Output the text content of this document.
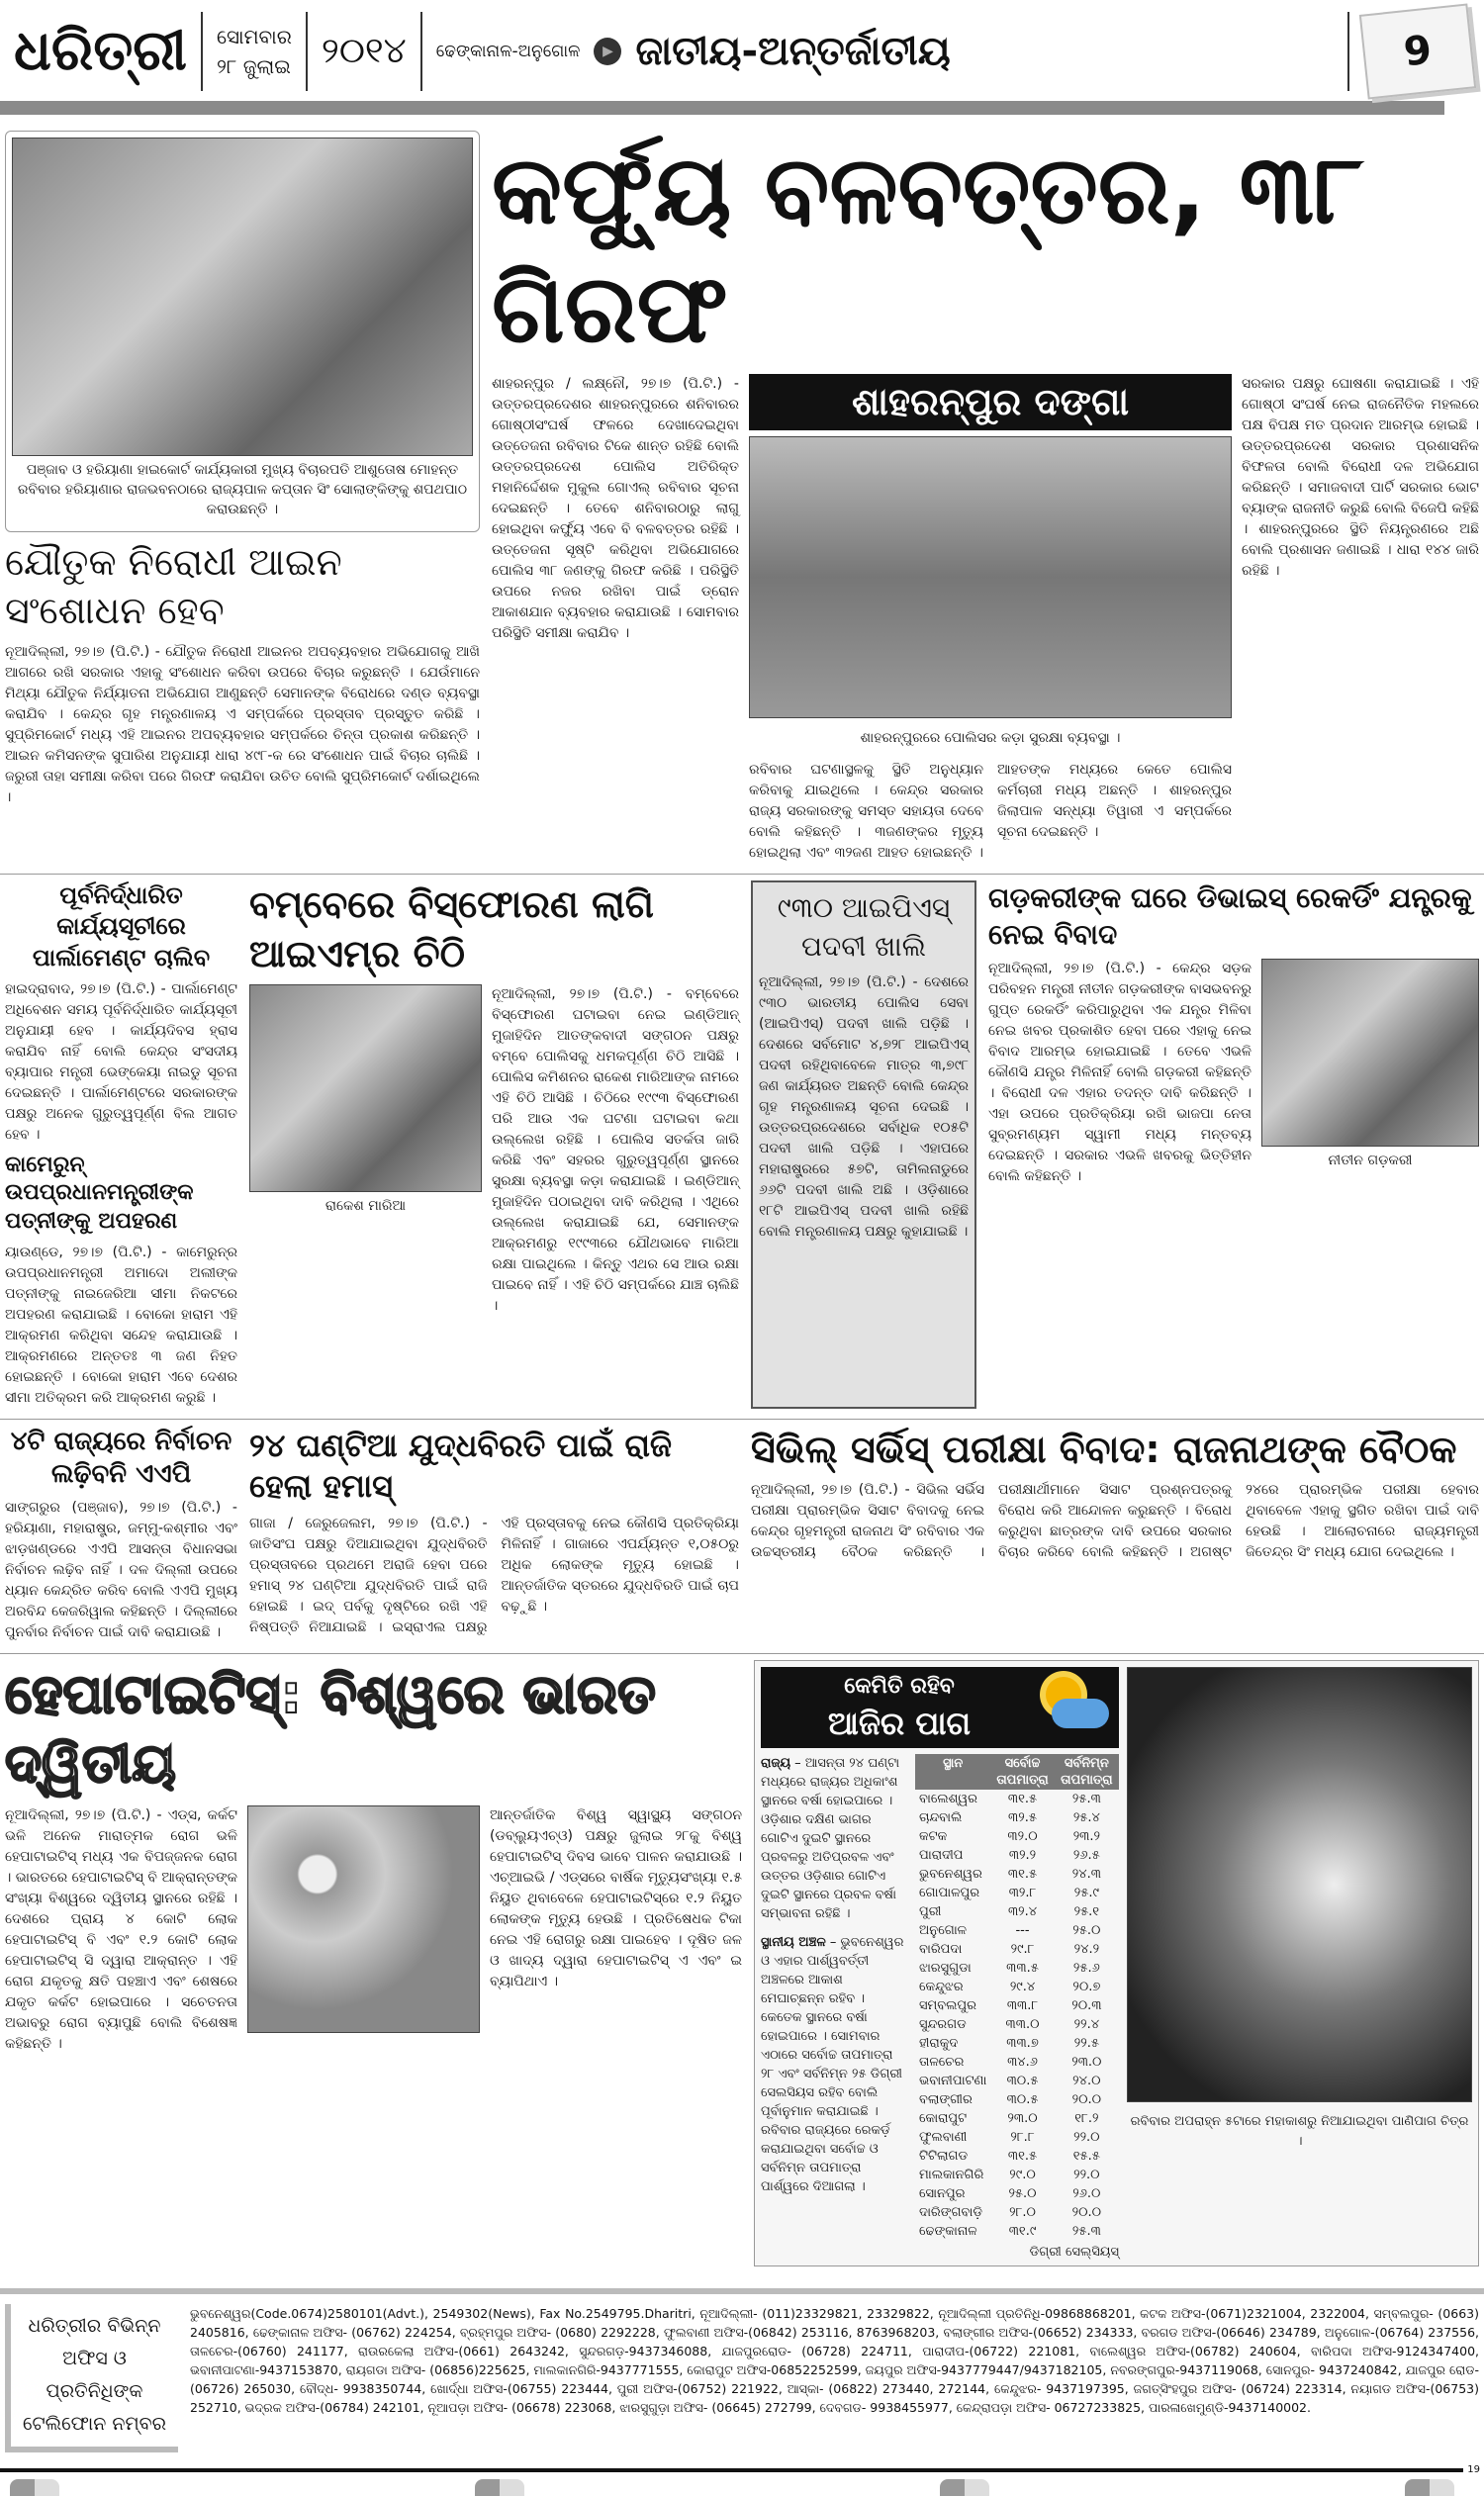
ଧରିତ୍ରୀ ସୋମବାର
୨୮ ଜୁଲାଇ ୨୦୧୪ ଢେଙ୍କାନାଳ-ଅନୁଗୋଳ	▶ ଜାତୀୟ-ଅନ୍ତର୍ଜାତୀୟ	9
ପଞ୍ଜାବ ଓ ହରିୟାଣା ହାଇକୋର୍ଟ କାର୍ଯ୍ୟକାରୀ ମୁଖ୍ୟ ବିଚାରପତି ଆଶୁତୋଷ ମୋହନ୍ତ ରବିବାର ହରିୟାଣାର ରାଜଭବନଠାରେ ରାଜ୍ୟପାଳ କପ୍ତାନ ସିଂ ସୋଲାଙ୍କିଙ୍କୁ ଶପଥପାଠ କରାଉଛନ୍ତି ।
ଯୌତୁକ ନିରୋଧୀ ଆଇନ ସଂଶୋଧନ ହେବ
ନୂଆଦିଲ୍ଲୀ, ୨୭।୭ (ପି.ଟି.) - ଯୌତୁକ ନିରୋଧୀ ଆଇନର ଅପବ୍ୟବହାର ଅଭିଯୋଗକୁ ଆଖି ଆଗରେ ରଖି ସରକାର ଏହାକୁ ସଂଶୋଧନ କରିବା ଉପରେ ବିଚାର କରୁଛନ୍ତି । ଯେଉଁମାନେ ମିଥ୍ୟା ଯୌତୁକ ନିର୍ଯ୍ୟାତନା ଅଭିଯୋଗ ଆଣୁଛନ୍ତି ସେମାନଙ୍କ ବିରୋଧରେ ଦଣ୍ଡ ବ୍ୟବସ୍ଥା କରାଯିବ । କେନ୍ଦ୍ର ଗୃହ ମନ୍ତ୍ରଣାଳୟ ଏ ସମ୍ପର୍କରେ ପ୍ରସ୍ତାବ ପ୍ରସ୍ତୁତ କରିଛି । ସୁପ୍ରିମକୋର୍ଟ ମଧ୍ୟ ଏହି ଆଇନର ଅପବ୍ୟବହାର ସମ୍ପର୍କରେ ଚିନ୍ତା ପ୍ରକାଶ କରିଛନ୍ତି । ଆଇନ କମିସନଙ୍କ ସୁପାରିଶ ଅନୁଯାୟୀ ଧାରା ୪୯୮-କ ରେ ସଂଶୋଧନ ପାଇଁ ବିଚାର ଚାଲିଛି । ଜରୁରୀ ତାହା ସମୀକ୍ଷା କରିବା ପରେ ଗିରଫ କରାଯିବା ଉଚିତ ବୋଲି ସୁପ୍ରିମକୋର୍ଟ ଦର୍ଶାଇଥିଲେ ।
କର୍ଫ୍ୟୁ ବଳବତ୍ତର, ୩୮ ଗିରଫ
ଶାହରନ୍‌ପୁର / ଲକ୍ଷ୍ନୌ, ୨୭।୭ (ପି.ଟି.) - ଉତ୍ତରପ୍ରଦେଶର ଶାହରନ୍‌ପୁରରେ ଶନିବାରର ଗୋଷ୍ଠୀସଂଘର୍ଷ ଫଳରେ ଦେଖାଦେଇଥିବା ଉତ୍ତେଜନା ରବିବାର ଟିକେ ଶାନ୍ତ ରହିଛି ବୋଲି ଉତ୍ତରପ୍ରଦେଶ ପୋଲିସ ଅତିରିକ୍ତ ମହାନିର୍ଦ୍ଦେଶକ ମୁକୁଲ ଗୋଏଲ୍ ରବିବାର ସୂଚନା ଦେଇଛନ୍ତି । ତେବେ ଶନିବାରଠାରୁ ଲାଗୁ ହୋଇଥିବା କର୍ଫ୍ୟୁ ଏବେ ବି ବଳବତ୍ତର ରହିଛି । ଉତ୍ତେଜନା ସୃଷ୍ଟି କରିଥିବା ଅଭିଯୋଗରେ ପୋଲିସ ୩୮ ଜଣଙ୍କୁ ଗିରଫ କରିଛି । ପରିସ୍ଥିତି ଉପରେ ନଜର ରଖିବା ପାଇଁ ଡ୍ରୋନ ଆକାଶଯାନ ବ୍ୟବହାର କରାଯାଉଛି । ସୋମବାର ପରିସ୍ଥିତି ସମୀକ୍ଷା କରାଯିବ ।
ଶାହରନ୍‌ପୁର ଦଙ୍ଗା
ଶାହରନ୍‌ପୁରରେ ପୋଲିସର କଡ଼ା ସୁରକ୍ଷା ବ୍ୟବସ୍ଥା ।
ରବିବାର ଘଟଣାସ୍ଥଳକୁ ସ୍ଥିତି ଅନୁଧ୍ୟାନ କରିବାକୁ ଯାଇଥିଲେ । କେନ୍ଦ୍ର ସରକାର ରାଜ୍ୟ ସରକାରଙ୍କୁ ସମସ୍ତ ସହାୟତା ଦେବେ ବୋଲି କହିଛନ୍ତି । ୩ଜଣଙ୍କର ମୃତ୍ୟୁ ହୋଇଥିଲା ଏବଂ ୩୨ଜଣ ଆହତ ହୋଇଛନ୍ତି । ଆହତଙ୍କ ମଧ୍ୟରେ କେତେ ପୋଲିସ କର୍ମଚାରୀ ମଧ୍ୟ ଅଛନ୍ତି । ଶାହରନ୍‌ପୁର ଜିଲାପାଳ ସନ୍ଧ୍ୟା ତିୱାରୀ ଏ ସମ୍ପର୍କରେ ସୂଚନା ଦେଇଛନ୍ତି ।
ସରକାର ପକ୍ଷରୁ ଘୋଷଣା କରାଯାଇଛି । ଏହି ଗୋଷ୍ଠୀ ସଂଘର୍ଷ ନେଇ ରାଜନୈତିକ ମହଲରେ ପକ୍ଷ ବିପକ୍ଷ ମତ ପ୍ରଦାନ ଆରମ୍ଭ ହୋଇଛି । ଉତ୍ତରପ୍ରଦେଶ ସରକାର ପ୍ରଶାସନିକ ବିଫଳତା ବୋଲି ବିରୋଧୀ ଦଳ ଅଭିଯୋଗ କରିଛନ୍ତି । ସମାଜବାଦୀ ପାର୍ଟି ସରକାର ଭୋଟ ବ୍ୟାଙ୍କ ରାଜନୀତି କରୁଛି ବୋଲି ବିଜେପି କହିଛି । ଶାହରନ୍‌ପୁରରେ ସ୍ଥିତି ନିୟନ୍ତ୍ରଣରେ ଅଛି ବୋଲି ପ୍ରଶାସନ ଜଣାଇଛି । ଧାରା ୧୪୪ ଜାରି ରହିଛି ।
ପୂର୍ବନିର୍ଦ୍ଧାରିତ କାର୍ଯ୍ୟସୂଚୀରେ ପାର୍ଲାମେଣ୍ଟ ଚାଲିବ
ହାଇଦ୍ରାବାଦ, ୨୭।୭ (ପି.ଟି.) - ପାର୍ଲାମେଣ୍ଟ ଅଧିବେଶନ ସମୟ ପୂର୍ବନିର୍ଦ୍ଧାରିତ କାର୍ଯ୍ୟସୂଚୀ ଅନୁଯାୟୀ ହେବ । କାର୍ଯ୍ୟଦିବସ ହ୍ରାସ କରାଯିବ ନାହିଁ ବୋଲି କେନ୍ଦ୍ର ସଂସଦୀୟ ବ୍ୟାପାର ମନ୍ତ୍ରୀ ଭେଙ୍କେୟା ନାଇଡୁ ସୂଚନା ଦେଇଛନ୍ତି । ପାର୍ଲାମେଣ୍ଟରେ ସରକାରଙ୍କ ପକ୍ଷରୁ ଅନେକ ଗୁରୁତ୍ୱପୂର୍ଣ୍ଣ ବିଲ ଆଗତ ହେବ ।
କାମେରୁନ୍ ଉପପ୍ରଧାନମନ୍ତ୍ରୀଙ୍କ ପତ୍ନୀଙ୍କୁ ଅପହରଣ
ୟାଉଣ୍ଡେ, ୨୭।୭ (ପି.ଟି.) - କାମେରୁନ୍‌ର ଉପପ୍ରଧାନମନ୍ତ୍ରୀ ଅମାଦୋ ଅଲୀଙ୍କ ପତ୍ନୀଙ୍କୁ ନାଇଜେରିଆ ସୀମା ନିକଟରେ ଅପହରଣ କରାଯାଇଛି । ବୋକୋ ହାରାମ ଏହି ଆକ୍ରମଣ କରିଥିବା ସନ୍ଦେହ କରାଯାଉଛି । ଆକ୍ରମଣରେ ଅନ୍ତତଃ ୩ ଜଣ ନିହତ ହୋଇଛନ୍ତି । ବୋକୋ ହାରାମ ଏବେ ଦେଶର ସୀମା ଅତିକ୍ରମ କରି ଆକ୍ରମଣ କରୁଛି ।
ବମ୍ବେରେ ବିସ୍ଫୋରଣ ଲାଗି ଆଇଏମ୍‌ର ଚିଠି
ରାକେଶ ମାରିଆ
ନୂଆଦିଲ୍ଲୀ, ୨୭।୭ (ପି.ଟି.) - ବମ୍ବେରେ ବିସ୍ଫୋରଣ ଘଟାଇବା ନେଇ ଇଣ୍ଡିଆନ୍ ମୁଜାହିଦିନ ଆତଙ୍କବାଦୀ ସଙ୍ଗଠନ ପକ୍ଷରୁ ବମ୍ବେ ପୋଲିସକୁ ଧମକପୂର୍ଣ୍ଣ ଚିଠି ଆସିଛି । ପୋଲିସ କମିଶନର ରାକେଶ ମାରିଆଙ୍କ ନାମରେ ଏହି ଚିଠି ଆସିଛି । ଚିଠିରେ ୧୯୯୩ ବିସ୍ଫୋରଣ ପରି ଆଉ ଏକ ଘଟଣା ଘଟାଇବା କଥା ଉଲ୍ଲେଖ ରହିଛି । ପୋଲିସ ସତର୍କତା ଜାରି କରିଛି ଏବଂ ସହରର ଗୁରୁତ୍ୱପୂର୍ଣ୍ଣ ସ୍ଥାନରେ ସୁରକ୍ଷା ବ୍ୟବସ୍ଥା କଡ଼ା କରାଯାଇଛି । ଇଣ୍ଡିଆନ୍ ମୁଜାହିଦିନ ପଠାଇଥିବା ଦାବି କରିଥିଲା । ଏଥିରେ ଉଲ୍ଲେଖ କରାଯାଇଛି ଯେ, ସେମାନଙ୍କ ଆକ୍ରମଣରୁ ୧୯୯୩ରେ ଯୌଥଭାବେ ମାରିଆ ରକ୍ଷା ପାଇଥିଲେ । କିନ୍ତୁ ଏଥର ସେ ଆଉ ରକ୍ଷା ପାଇବେ ନାହିଁ । ଏହି ଚିଠି ସମ୍ପର୍କରେ ଯାଞ୍ଚ ଚାଲିଛି ।
୯୩୦ ଆଇପିଏସ୍ ପଦବୀ ଖାଲି
ନୂଆଦିଲ୍ଲୀ, ୨୭।୭ (ପି.ଟି.) - ଦେଶରେ ୯୩୦ ଭାରତୀୟ ପୋଲିସ ସେବା (ଆଇପିଏସ୍) ପଦବୀ ଖାଲି ପଡ଼ିଛି । ଦେଶରେ ସର୍ବମୋଟ ୪,୭୨୮ ଆଇପିଏସ୍ ପଦବୀ ରହିଥିବାବେଳେ ମାତ୍ର ୩,୭୯୮ ଜଣ କାର୍ଯ୍ୟରତ ଅଛନ୍ତି ବୋଲି କେନ୍ଦ୍ର ଗୃହ ମନ୍ତ୍ରଣାଳୟ ସୂଚନା ଦେଇଛି । ଉତ୍ତରପ୍ରଦେଶରେ ସର୍ବାଧିକ ୧୦୫ଟି ପଦବୀ ଖାଲି ପଡ଼ିଛି । ଏହାପରେ ମହାରାଷ୍ଟ୍ରରେ ୫୭ଟି, ତାମିଲନାଡୁରେ ୬୬ଟି ପଦବୀ ଖାଲି ଅଛି । ଓଡ଼ିଶାରେ ୧୮ଟି ଆଇପିଏସ୍ ପଦବୀ ଖାଲି ରହିଛି ବୋଲି ମନ୍ତ୍ରଣାଳୟ ପକ୍ଷରୁ କୁହାଯାଇଛି ।
ଗଡ଼କରୀଙ୍କ ଘରେ ଡିଭାଇସ୍ ରେକର୍ଡିଂ ଯନ୍ତ୍ରକୁ ନେଇ ବିବାଦ
ନୂଆଦିଲ୍ଲୀ, ୨୭।୭ (ପି.ଟି.) - କେନ୍ଦ୍ର ସଡ଼କ ପରିବହନ ମନ୍ତ୍ରୀ ନୀତୀନ ଗଡ଼କରୀଙ୍କ ବାସଭବନରୁ ଗୁପ୍ତ ରେକର୍ଡିଂ କରିପାରୁଥିବା ଏକ ଯନ୍ତ୍ର ମିଳିବା ନେଇ ଖବର ପ୍ରକାଶିତ ହେବା ପରେ ଏହାକୁ ନେଇ ବିବାଦ ଆରମ୍ଭ ହୋଇଯାଇଛି । ତେବେ ଏଭଳି କୌଣସି ଯନ୍ତ୍ର ମିଳିନାହିଁ ବୋଲି ଗଡ଼କରୀ କହିଛନ୍ତି । ବିରୋଧୀ ଦଳ ଏହାର ତଦନ୍ତ ଦାବି କରିଛନ୍ତି । ଏହା ଉପରେ ପ୍ରତିକ୍ରିୟା ରଖି ଭାଜପା ନେତା ସୁବ୍ରମଣ୍ୟମ ସ୍ୱାମୀ ମଧ୍ୟ ମନ୍ତବ୍ୟ ଦେଇଛନ୍ତି । ସରକାର ଏଭଳି ଖବରକୁ ଭିତ୍ତିହୀନ ବୋଲି କହିଛନ୍ତି ।
ନୀତୀନ ଗଡ଼କରୀ
୪ଟି ରାଜ୍ୟରେ ନିର୍ବାଚନ ଲଢ଼ିବନି ଏଏପି
ସାଙ୍ଗରୁର (ପଞ୍ଜାବ), ୨୭।୭ (ପି.ଟି.) - ହରିୟାଣା, ମହାରାଷ୍ଟ୍ର, ଜମ୍ମୁ-କଶ୍ମୀର ଏବଂ ଝାଡ଼ଖଣ୍ଡରେ ଏଏପି ଆସନ୍ତା ବିଧାନସଭା ନିର୍ବାଚନ ଲଢ଼ିବ ନାହିଁ । ଦଳ ଦିଲ୍ଲୀ ଉପରେ ଧ୍ୟାନ କେନ୍ଦ୍ରିତ କରିବ ବୋଲି ଏଏପି ମୁଖ୍ୟ ଅରବିନ୍ଦ କେଜରିୱାଲ କହିଛନ୍ତି । ଦିଲ୍ଲୀରେ ପୁନର୍ବାର ନିର୍ବାଚନ ପାଇଁ ଦାବି କରାଯାଉଛି ।
୨୪ ଘଣ୍ଟିଆ ଯୁଦ୍ଧବିରତି ପାଇଁ ରାଜି ହେଲା ହମାସ୍
ଗାଜା / ଜେରୁଜେଲମ, ୨୭।୭ (ପି.ଟି.) - ଜାତିସଂଘ ପକ୍ଷରୁ ଦିଆଯାଇଥିବା ଯୁଦ୍ଧବିରତି ପ୍ରସ୍ତାବରେ ପ୍ରଥମେ ଅରାଜି ହେବା ପରେ ହମାସ୍ ୨୪ ଘଣ୍ଟିଆ ଯୁଦ୍ଧବିରତି ପାଇଁ ରାଜି ହୋଇଛି । ଇଦ୍ ପର୍ବକୁ ଦୃଷ୍ଟିରେ ରଖି ଏହି ନିଷ୍ପତ୍ତି ନିଆଯାଇଛି । ଇସ୍ରାଏଲ ପକ୍ଷରୁ ଏହି ପ୍ରସ୍ତାବକୁ ନେଇ କୌଣସି ପ୍ରତିକ୍ରିୟା ମିଳିନାହିଁ । ଗାଜାରେ ଏପର୍ଯ୍ୟନ୍ତ ୧,୦୫୦ରୁ ଅଧିକ ଲୋକଙ୍କ ମୃତ୍ୟୁ ହୋଇଛି । ଆନ୍ତର୍ଜାତିକ ସ୍ତରରେ ଯୁଦ୍ଧବିରତି ପାଇଁ ଚାପ ବଢ଼ୁଛି ।
ସିଭିଲ୍ ସର୍ଭିସ୍ ପରୀକ୍ଷା ବିବାଦ: ରାଜନାଥଙ୍କ ବୈଠକ
ନୂଆଦିଲ୍ଲୀ, ୨୭।୭ (ପି.ଟି.) - ସିଭିଲ ସର୍ଭିସ ପରୀକ୍ଷା ପ୍ରାରମ୍ଭିକ ସିସାଟ ବିବାଦକୁ ନେଇ କେନ୍ଦ୍ର ଗୃହମନ୍ତ୍ରୀ ରାଜନାଥ ସିଂ ରବିବାର ଏକ ଉଚ୍ଚସ୍ତରୀୟ ବୈଠକ କରିଛନ୍ତି । ପରୀକ୍ଷାର୍ଥୀମାନେ ସିସାଟ ପ୍ରଶ୍ନପତ୍ରକୁ ବିରୋଧ କରି ଆନ୍ଦୋଳନ କରୁଛନ୍ତି । ବିରୋଧ କରୁଥିବା ଛାତ୍ରଙ୍କ ଦାବି ଉପରେ ସରକାର ବିଚାର କରିବେ ବୋଲି କହିଛନ୍ତି । ଅଗଷ୍ଟ ୨୪ରେ ପ୍ରାରମ୍ଭିକ ପରୀକ୍ଷା ହେବାର ଥିବାବେଳେ ଏହାକୁ ସ୍ଥଗିତ ରଖିବା ପାଇଁ ଦାବି ହେଉଛି । ଆଲୋଚନାରେ ରାଜ୍ୟମନ୍ତ୍ରୀ ଜିତେନ୍ଦ୍ର ସିଂ ମଧ୍ୟ ଯୋଗ ଦେଇଥିଲେ ।
ହେପାଟାଇଟିସ୍: ବିଶ୍ୱରେ ଭାରତ ଦ୍ୱିତୀୟ
ନୂଆଦିଲ୍ଲୀ, ୨୭।୭ (ପି.ଟି.) - ଏଡ୍ସ, କର୍କଟ ଭଳି ଅନେକ ମାରାତ୍ମକ ରୋଗ ଭଳି ହେପାଟାଇଟିସ୍ ମଧ୍ୟ ଏକ ବିପଜ୍ଜନକ ରୋଗ । ଭାରତରେ ହେପାଟାଇଟିସ୍ ବି ଆକ୍ରାନ୍ତଙ୍କ ସଂଖ୍ୟା ବିଶ୍ୱରେ ଦ୍ୱିତୀୟ ସ୍ଥାନରେ ରହିଛି । ଦେଶରେ ପ୍ରାୟ ୪ କୋଟି ଲୋକ ହେପାଟାଇଟିସ୍ ବି ଏବଂ ୧.୨ କୋଟି ଲୋକ ହେପାଟାଇଟିସ୍ ସି ଦ୍ୱାରା ଆକ୍ରାନ୍ତ । ଏହି ରୋଗ ଯକୃତକୁ କ୍ଷତି ପହଞ୍ଚାଏ ଏବଂ ଶେଷରେ ଯକୃତ କର୍କଟ ହୋଇପାରେ । ସଚେତନତା ଅଭାବରୁ ରୋଗ ବ୍ୟାପୁଛି ବୋଲି ବିଶେଷଜ୍ଞ କହିଛନ୍ତି ।
ଆନ୍ତର୍ଜାତିକ ବିଶ୍ୱ ସ୍ୱାସ୍ଥ୍ୟ ସଙ୍ଗଠନ (ଡବ୍ଲ୍ୟୁଏଚ୍ଓ) ପକ୍ଷରୁ ଜୁଲାଇ ୨୮କୁ ବିଶ୍ୱ ହେପାଟାଇଟିସ୍ ଦିବସ ଭାବେ ପାଳନ କରାଯାଉଛି । ଏଚ୍ଆଇଭି / ଏଡ୍ସରେ ବାର୍ଷିକ ମୃତ୍ୟୁସଂଖ୍ୟା ୧.୫ ନିୟୁତ ଥିବାବେଳେ ହେପାଟାଇଟିସ୍‌ରେ ୧.୨ ନିୟୁତ ଲୋକଙ୍କ ମୃତ୍ୟୁ ହେଉଛି । ପ୍ରତିଷେଧକ ଟିକା ନେଇ ଏହି ରୋଗରୁ ରକ୍ଷା ପାଇହେବ । ଦୂଷିତ ଜଳ ଓ ଖାଦ୍ୟ ଦ୍ୱାରା ହେପାଟାଇଟିସ୍ ଏ ଏବଂ ଇ ବ୍ୟାପିଥାଏ ।
କେମିତି ରହିବ
ଆଜିର ପାଗ

ରାଜ୍ୟ – ଆସନ୍ତା ୨୪ ଘଣ୍ଟା ମଧ୍ୟରେ ରାଜ୍ୟର ଅଧିକାଂଶ ସ୍ଥାନରେ ବର୍ଷା ହୋଇପାରେ । ଓଡ଼ିଶାର ଦକ୍ଷିଣ ଭାଗର ଗୋଟିଏ ଦୁଇଟି ସ୍ଥାନରେ ପ୍ରବଳରୁ ଅତିପ୍ରବଳ ଏବଂ ଉତ୍ତର ଓଡ଼ିଶାର ଗୋଟିଏ ଦୁଇଟି ସ୍ଥାନରେ ପ୍ରବଳ ବର୍ଷା ସମ୍ଭାବନା ରହିଛି ।

ସ୍ଥାନୀୟ ଅଞ୍ଚଳ – ଭୁବନେଶ୍ୱର ଓ ଏହାର ପାର୍ଶ୍ୱବର୍ତ୍ତୀ ଅଞ୍ଚଳରେ ଆକାଶ ମେଘାଚ୍ଛନ୍ନ ରହିବ । କେତେକ ସ୍ଥାନରେ ବର୍ଷା ହୋଇପାରେ । ସୋମବାର ଏଠାରେ ସର୍ବୋଚ୍ଚ ତାପମାତ୍ରା ୨୮ ଏବଂ ସର୍ବନିମ୍ନ ୨୫ ଡିଗ୍ରୀ ସେଲସିୟସ ରହିବ ବୋଲି ପୂର୍ବାନୁମାନ କରାଯାଇଛି । ରବିବାର ରାଜ୍ୟରେ ରେକର୍ଡ଼ କରାଯାଇଥିବା ସର୍ବୋଚ୍ଚ ଓ ସର୍ବନିମ୍ନ ତାପମାତ୍ରା ପାର୍ଶ୍ୱରେ ଦିଆଗଲା ।

ସ୍ଥାନ	ସର୍ବୋଚ୍ଚ ତାପମାତ୍ରା	ସର୍ବନିମ୍ନ ତାପମାତ୍ରା
ବାଲେଶ୍ୱର	୩୧.୫	୨୫.୩
ଚାନ୍ଦବାଲି	୩୨.୫	୨୫.୪
କଟକ	୩୨.୦	୨୩.୨
ପାରାଦୀପ	୩୨.୨	୨୬.୫
ଭୁବନେଶ୍ୱର	୩୧.୫	୨୪.୩
ଗୋପାଳପୁର	୩୨.୮	୨୫.୯
ପୁରୀ	୩୨.୪	୨୫.୧
ଅନୁଗୋଳ	---	୨୫.୦
ବାରିପଦା	୨୯.୮	୨୪.୨
ଝାରସୁଗୁଡା	୩୩.୫	୨୫.୬
କେନ୍ଦୁଝର	୨୯.୪	୨୦.୭
ସମ୍ବଲପୁର	୩୩.୮	୨୦.୩
ସୁନ୍ଦରଗଡ	୩୩.୦	୨୨.୪
ହୀରାକୁଦ	୩୩.୭	୨୨.୫
ତାଳଚେର	୩୪.୬	୨୩.୦
ଭବାନୀପାଟଣା	୩୦.୫	୨୪.୦
ବଲାଙ୍ଗୀର	୩୦.୫	୨୦.୦
କୋରାପୁଟ	୨୩.୦	୧୮.୨
ଫୁଲବାଣୀ	୨୮.୮	୨୨.୦
ଟିଟିଲାଗଡ	୩୧.୫	୧୫.୫
ମାଲକାନଗିରି	୨୯.୦	୨୨.୦
ସୋନପୁର	୨୫.୦	୨୬.୦
ଦାରିଙ୍ଗବାଡ଼ି	୨୮.୦	୨୦.୦
ଢେଙ୍କାନାଳ	୩୧.୯	୨୫.୩
ଡିଗ୍ରୀ ସେଲ୍‌ସିୟସ୍
ରବିବାର ଅପରାହ୍ନ ୫ଟାରେ ମହାକାଶରୁ ନିଆଯାଇଥିବା ପାଣିପାଗ ଚିତ୍ର ।
ଧରିତ୍ରୀର ବିଭିନ୍ନ ଅଫିସ ଓ ପ୍ରତିନିଧିଙ୍କ ଟେଲିଫୋନ ନମ୍ବର
ଭୁବନେଶ୍ୱର(Code.0674)2580101(Advt.), 2549302(News), Fax No.2549795.Dharitri, ନୂଆଦିଲ୍ଲୀ- (011)23329821, 23329822, ନୂଆଦିଲ୍ଲୀ ପ୍ରତିନିଧି-09868868201, କଟକ ଅଫିସ-(0671)2321004, 2322004, ସମ୍ବଲପୁର- (0663) 2405816, ଢେଙ୍କାନାଳ ଅଫିସ- (06762) 224254, ବ୍ରହ୍ମପୁର ଅଫିସ- (0680) 2292228, ଫୁଲବାଣୀ ଅଫିସ-(06842) 253116, 8763968203, ବଲାଙ୍ଗୀର ଅଫିସ-(06652) 234333, ବରଗଡ ଅଫିସ-(06646) 234789, ଅନୁଗୋଳ-(06764) 237556, ତାଳଚେର-(06760) 241177, ରାଉରକେଲା ଅଫିସ-(0661) 2643242, ସୁନ୍ଦରଗଡ଼-9437346088, ଯାଜପୁରରୋଡ- (06728) 224711, ପାରାଦୀପ-(06722) 221081, ବାଲେଶ୍ୱର ଅଫିସ-(06782) 240604, ବାରିପଦା ଅଫିସ-9124347400, ଭବାନୀପାଟଣା-9437153870, ରାୟଗଡା ଅଫିସ- (06856)225625, ମାଲକାନଗିରି-9437771555, କୋରାପୁଟ ଅଫିସ-06852252599, ଜୟପୁର ଅଫିସ-9437779447/9437182105, ନବରଙ୍ଗପୁର-9437119068, ସୋନପୁର- 9437240842, ଯାଜପୁର ରୋଡ-(06726) 265030, ବୌଦ୍ଧ- 9938350744, ଖୋର୍ଦ୍ଧା ଅଫିସ-(06755) 223444, ପୁରୀ ଅଫିସ-(06752) 221922, ଆସ୍କା- (06822) 273440, 272144, କେନ୍ଦୁଝର- 9437197395, ଜଗତ୍‌ସିଂହପୁର ଅଫିସ- (06724) 223314, ନୟାଗଡ ଅଫିସ-(06753) 252710, ଭଦ୍ରକ ଅଫିସ-(06784) 242101, ନୂଆପଡ଼ା ଅଫିସ- (06678) 223068, ଝାରସୁଗୁଡ଼ା ଅଫିସ- (06645) 272799, ଦେବଗଡ- 9938455977, କେନ୍ଦ୍ରାପଡ଼ା ଅଫିସ- 06727233825, ପାରଳାଖେମୁଣ୍ଡି-9437140002.
19
